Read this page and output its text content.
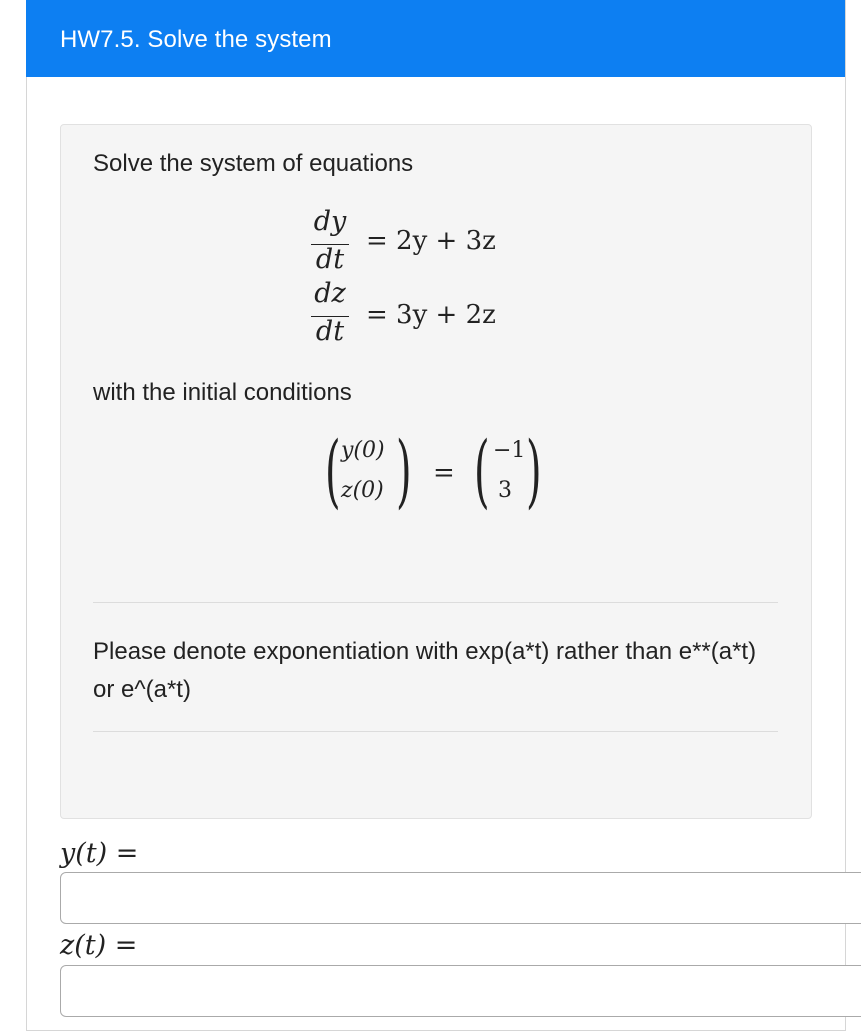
HW7.5. Solve the system
Solve the system of equations
dy
dt
= 2y + 3z
dz
dt
= 3y + 2z
with the initial conditions
( y(0)
z(0) ) = ( −1
3 )
Please denote exponentiation with exp(a*t) rather than e**(a*t) or e^(a*t)
y(t) =
z(t) =
